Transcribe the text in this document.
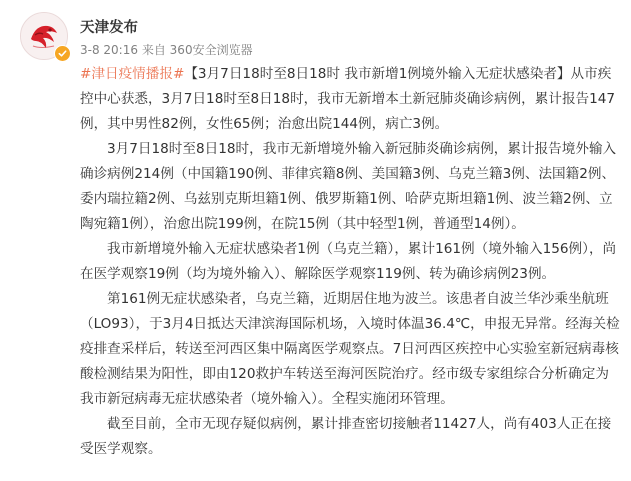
天津发布
3-8 20:16 来自 360安全浏览器

#津日疫情播报#【3月7日18时至8日18时 我市新增1例境外输入无症状感染者】从市疾控中心获悉，3月7日18时至8日18时，我市无新增本土新冠肺炎确诊病例，累计报告147例，其中男性82例，女性65例；治愈出院144例，病亡3例。

3月7日18时至8日18时，我市无新增境外输入新冠肺炎确诊病例，累计报告境外输入确诊病例214例（中国籍190例、菲律宾籍8例、美国籍3例、乌克兰籍3例、法国籍2例、委内瑞拉籍2例、乌兹别克斯坦籍1例、俄罗斯籍1例、哈萨克斯坦籍1例、波兰籍2例、立陶宛籍1例），治愈出院199例，在院15例（其中轻型1例，普通型14例）。

我市新增境外输入无症状感染者1例（乌克兰籍），累计161例（境外输入156例），尚在医学观察19例（均为境外输入）、解除医学观察119例、转为确诊病例23例。

第161例无症状感染者，乌克兰籍，近期居住地为波兰。该患者自波兰华沙乘坐航班（LO93），于3月4日抵达天津滨海国际机场，入境时体温36.4℃，申报无异常。经海关检疫排查采样后，转送至河西区集中隔离医学观察点。7日河西区疾控中心实验室新冠病毒核酸检测结果为阳性，即由120救护车转送至海河医院治疗。经市级专家组综合分析确定为我市新冠病毒无症状感染者（境外输入）。全程实施闭环管理。

截至目前，全市无现存疑似病例，累计排查密切接触者11427人，尚有403人正在接受医学观察。
